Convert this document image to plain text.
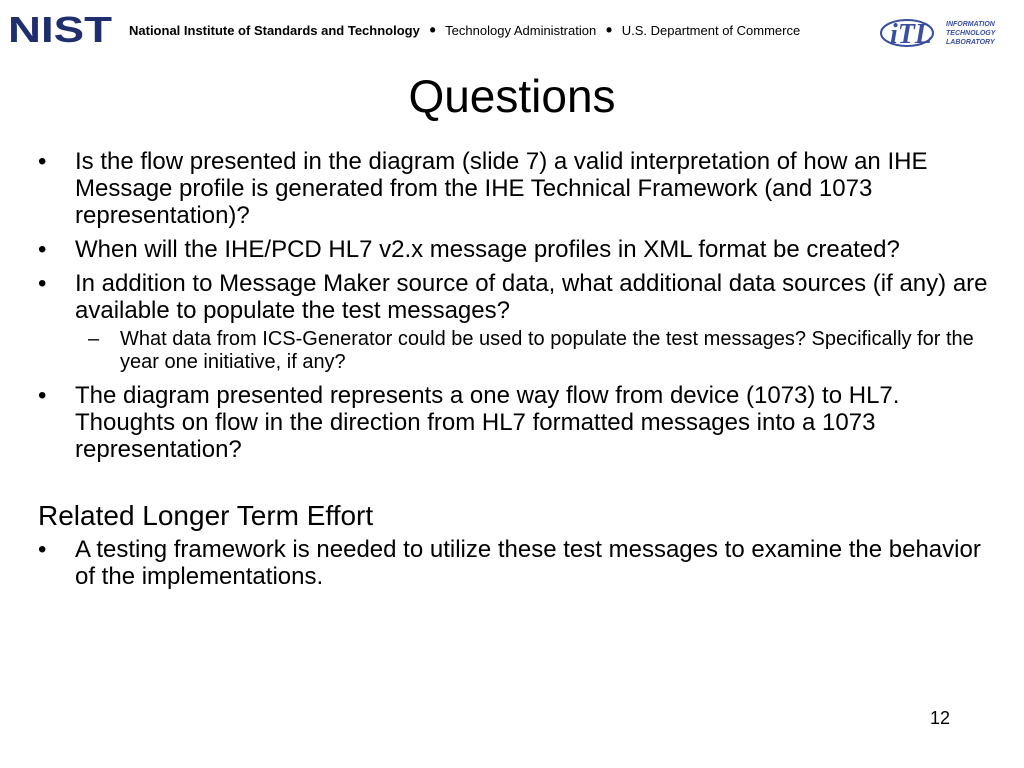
NIST National Institute of Standards and Technology • Technology Administration • U.S. Department of Commerce	iTL INFORMATION
TECHNOLOGY
LABORATORY
Questions
•	Is the flow presented in the diagram (slide 7) a valid interpretation of how an IHE Message profile is generated from the IHE Technical Framework (and 1073 representation)?
•	When will the IHE/PCD HL7 v2.x message profiles in XML format be created?
•	In addition to Message Maker source of data, what additional data sources (if any) are available to populate the test messages?
– What data from ICS-Generator could be used to populate the test messages? Specifically for the year one initiative, if any?
•	The diagram presented represents a one way flow from device (1073) to HL7. Thoughts on flow in the direction from HL7 formatted messages into a 1073 representation?
Related Longer Term Effort
•	A testing framework is needed to utilize these test messages to examine the behavior of the implementations.
12
